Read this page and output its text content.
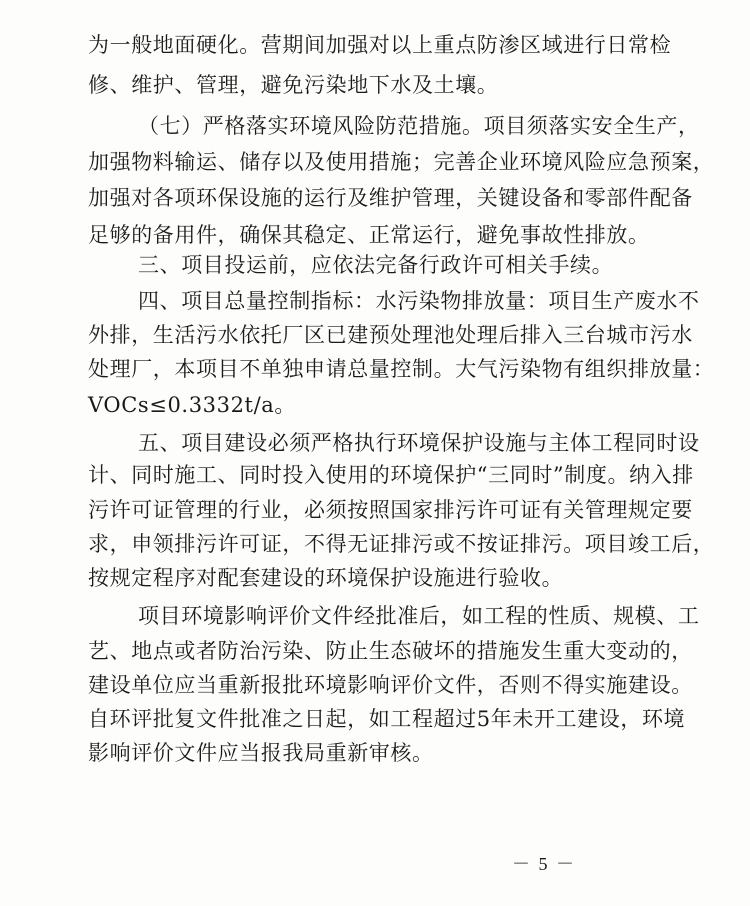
为一般地面硬化。营期间加强对以上重点防渗区域进行日常检
修、维护、管理，避免污染地下水及土壤。
（七）严格落实环境风险防范措施。项目须落实安全生产，
加强物料输运、储存以及使用措施；完善企业环境风险应急预案，
加强对各项环保设施的运行及维护管理，关键设备和零部件配备
足够的备用件，确保其稳定、正常运行，避免事故性排放。
三、项目投运前，应依法完备行政许可相关手续。
四、项目总量控制指标：水污染物排放量：项目生产废水不
外排，生活污水依托厂区已建预处理池处理后排入三台城市污水
处理厂，本项目不单独申请总量控制。大气污染物有组织排放量：
VOCs≤0.3332t/a。
五、项目建设必须严格执行环境保护设施与主体工程同时设
计、同时施工、同时投入使用的环境保护“三同时”制度。纳入排
污许可证管理的行业，必须按照国家排污许可证有关管理规定要
求，申领排污许可证，不得无证排污或不按证排污。项目竣工后，
按规定程序对配套建设的环境保护设施进行验收。
项目环境影响评价文件经批准后，如工程的性质、规模、工
艺、地点或者防治污染、防止生态破坏的措施发生重大变动的，
建设单位应当重新报批环境影响评价文件，否则不得实施建设。
自环评批复文件批准之日起，如工程超过5年未开工建设，环境
影响评价文件应当报我局重新审核。
－ 5 －
